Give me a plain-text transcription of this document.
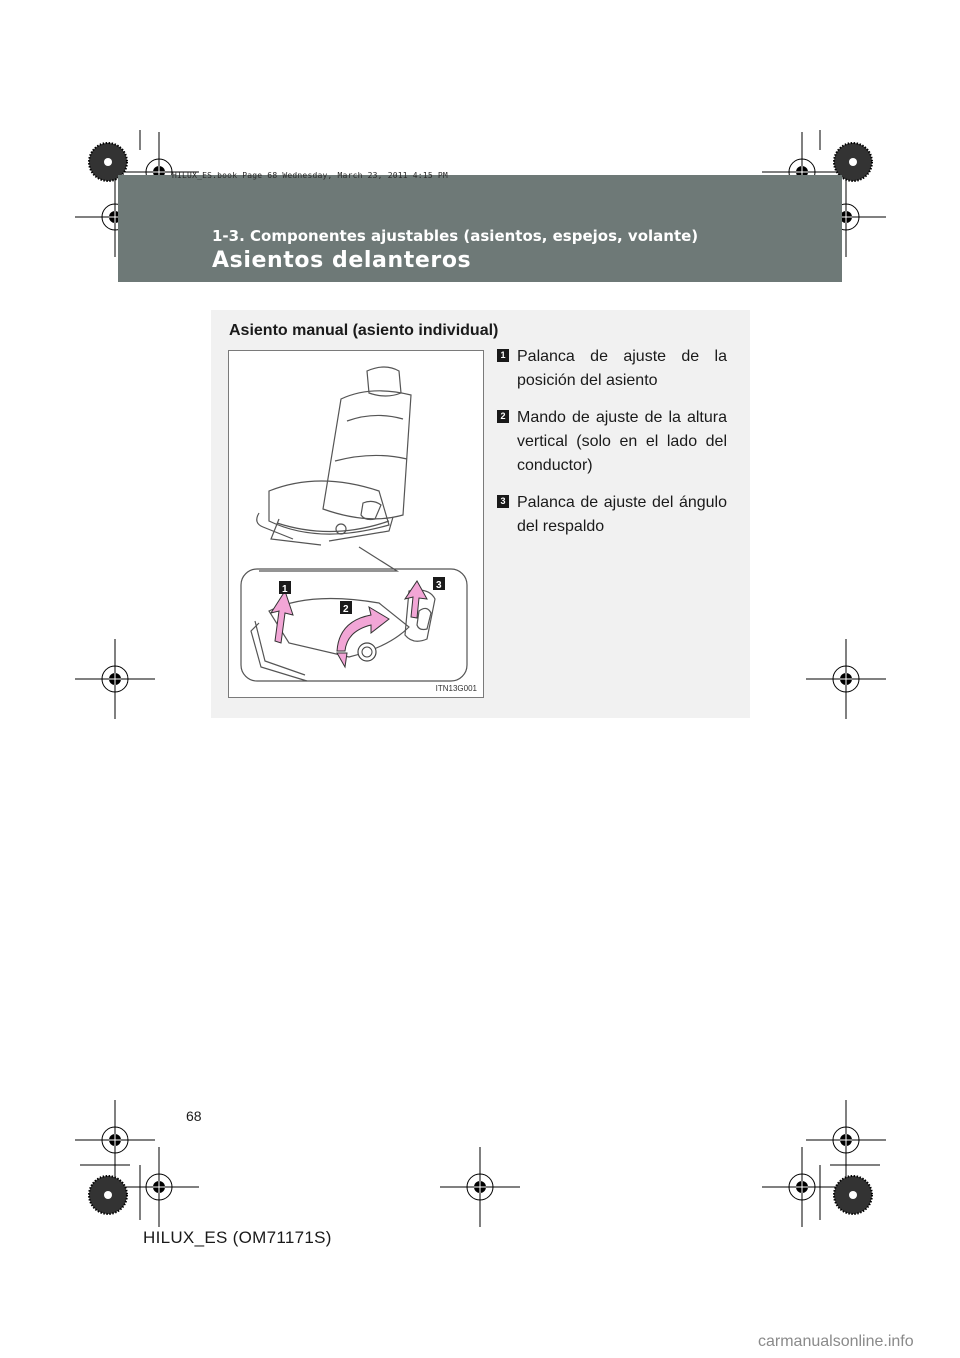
HILUX_ES.book Page 68 Wednesday, March 23, 2011 4:15 PM
1-3. Componentes ajustables (asientos, espejos, volante)
Asientos delanteros
Asiento manual (asiento individual)
1
2
3
ITN13G001
1 Palanca de ajuste de la posición del asiento
2 Mando de ajuste de la altura vertical (solo en el lado del conductor)
3 Palanca de ajuste del ángulo del respaldo
68
HILUX_ES (OM71171S)
carmanualsonline.info
